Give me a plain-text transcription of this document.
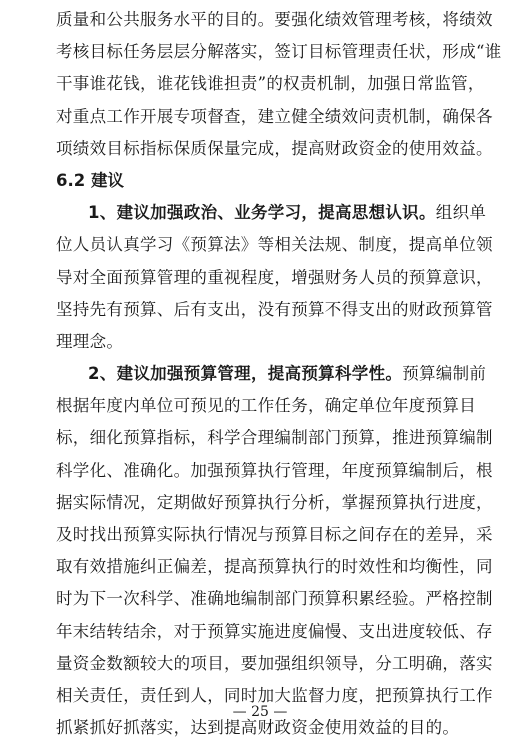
质量和公共服务水平的目的。要强化绩效管理考核，将绩效
考核目标任务层层分解落实，签订目标管理责任状，形成“谁
干事谁花钱，谁花钱谁担责”的权责机制，加强日常监管，
对重点工作开展专项督查，建立健全绩效问责机制，确保各
项绩效目标指标保质保量完成，提高财政资金的使用效益。
6.2 建议
1、建议加强政治、业务学习，提高思想认识。组织单
位人员认真学习《预算法》等相关法规、制度，提高单位领
导对全面预算管理的重视程度，增强财务人员的预算意识，
坚持先有预算、后有支出，没有预算不得支出的财政预算管
理理念。
2、建议加强预算管理，提高预算科学性。预算编制前
根据年度内单位可预见的工作任务，确定单位年度预算目
标，细化预算指标，科学合理编制部门预算，推进预算编制
科学化、准确化。加强预算执行管理，年度预算编制后，根
据实际情况，定期做好预算执行分析，掌握预算执行进度，
及时找出预算实际执行情况与预算目标之间存在的差异，采
取有效措施纠正偏差，提高预算执行的时效性和均衡性，同
时为下一次科学、准确地编制部门预算积累经验。严格控制
年末结转结余，对于预算实施进度偏慢、支出进度较低、存
量资金数额较大的项目，要加强组织领导，分工明确，落实
相关责任，责任到人，同时加大监督力度，把预算执行工作
抓紧抓好抓落实，达到提高财政资金使用效益的目的。
— 25 —
